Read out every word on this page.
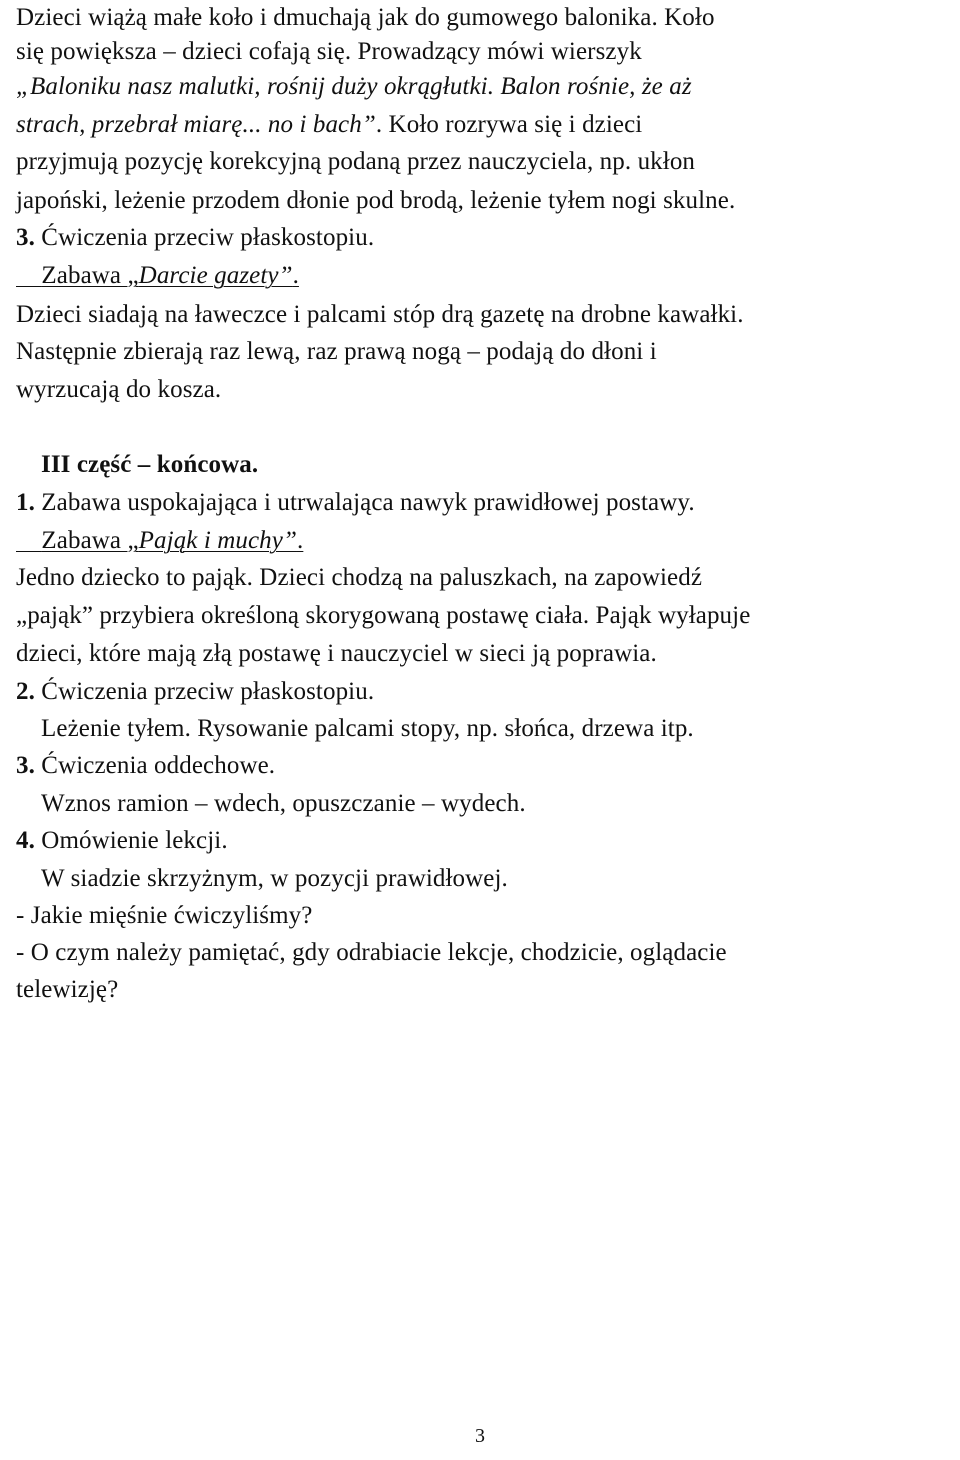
Dzieci wiążą małe koło i dmuchają jak do gumowego balonika. Koło
się powiększa – dzieci cofają się. Prowadzący mówi wierszyk
„Baloniku nasz malutki, rośnij duży okrągłutki. Balon rośnie, że aż
strach, przebrał miarę... no i bach”. Koło rozrywa się i dzieci
przyjmują pozycję korekcyjną podaną przez nauczyciela, np. ukłon
japoński, leżenie przodem dłonie pod brodą, leżenie tyłem nogi skulne.
3. Ćwiczenia przeciw płaskostopiu.
Zabawa „Darcie gazety”.
Dzieci siadają na ławeczce i palcami stóp drą gazetę na drobne kawałki.
Następnie zbierają raz lewą, raz prawą nogą – podają do dłoni i
wyrzucają do kosza.
III część – końcowa.
1. Zabawa uspokajająca i utrwalająca nawyk prawidłowej postawy.
Zabawa „Pająk i muchy”.
Jedno dziecko to pająk. Dzieci chodzą na paluszkach, na zapowiedź
„pająk” przybiera określoną skorygowaną postawę ciała. Pająk wyłapuje
dzieci, które mają złą postawę i nauczyciel w sieci ją poprawia.
2. Ćwiczenia przeciw płaskostopiu.
Leżenie tyłem. Rysowanie palcami stopy, np. słońca, drzewa itp.
3. Ćwiczenia oddechowe.
Wznos ramion – wdech, opuszczanie – wydech.
4. Omówienie lekcji.
W siadzie skrzyżnym, w pozycji prawidłowej.
- Jakie mięśnie ćwiczyliśmy?
- O czym należy pamiętać, gdy odrabiacie lekcje, chodzicie, oglądacie
telewizję?
3
